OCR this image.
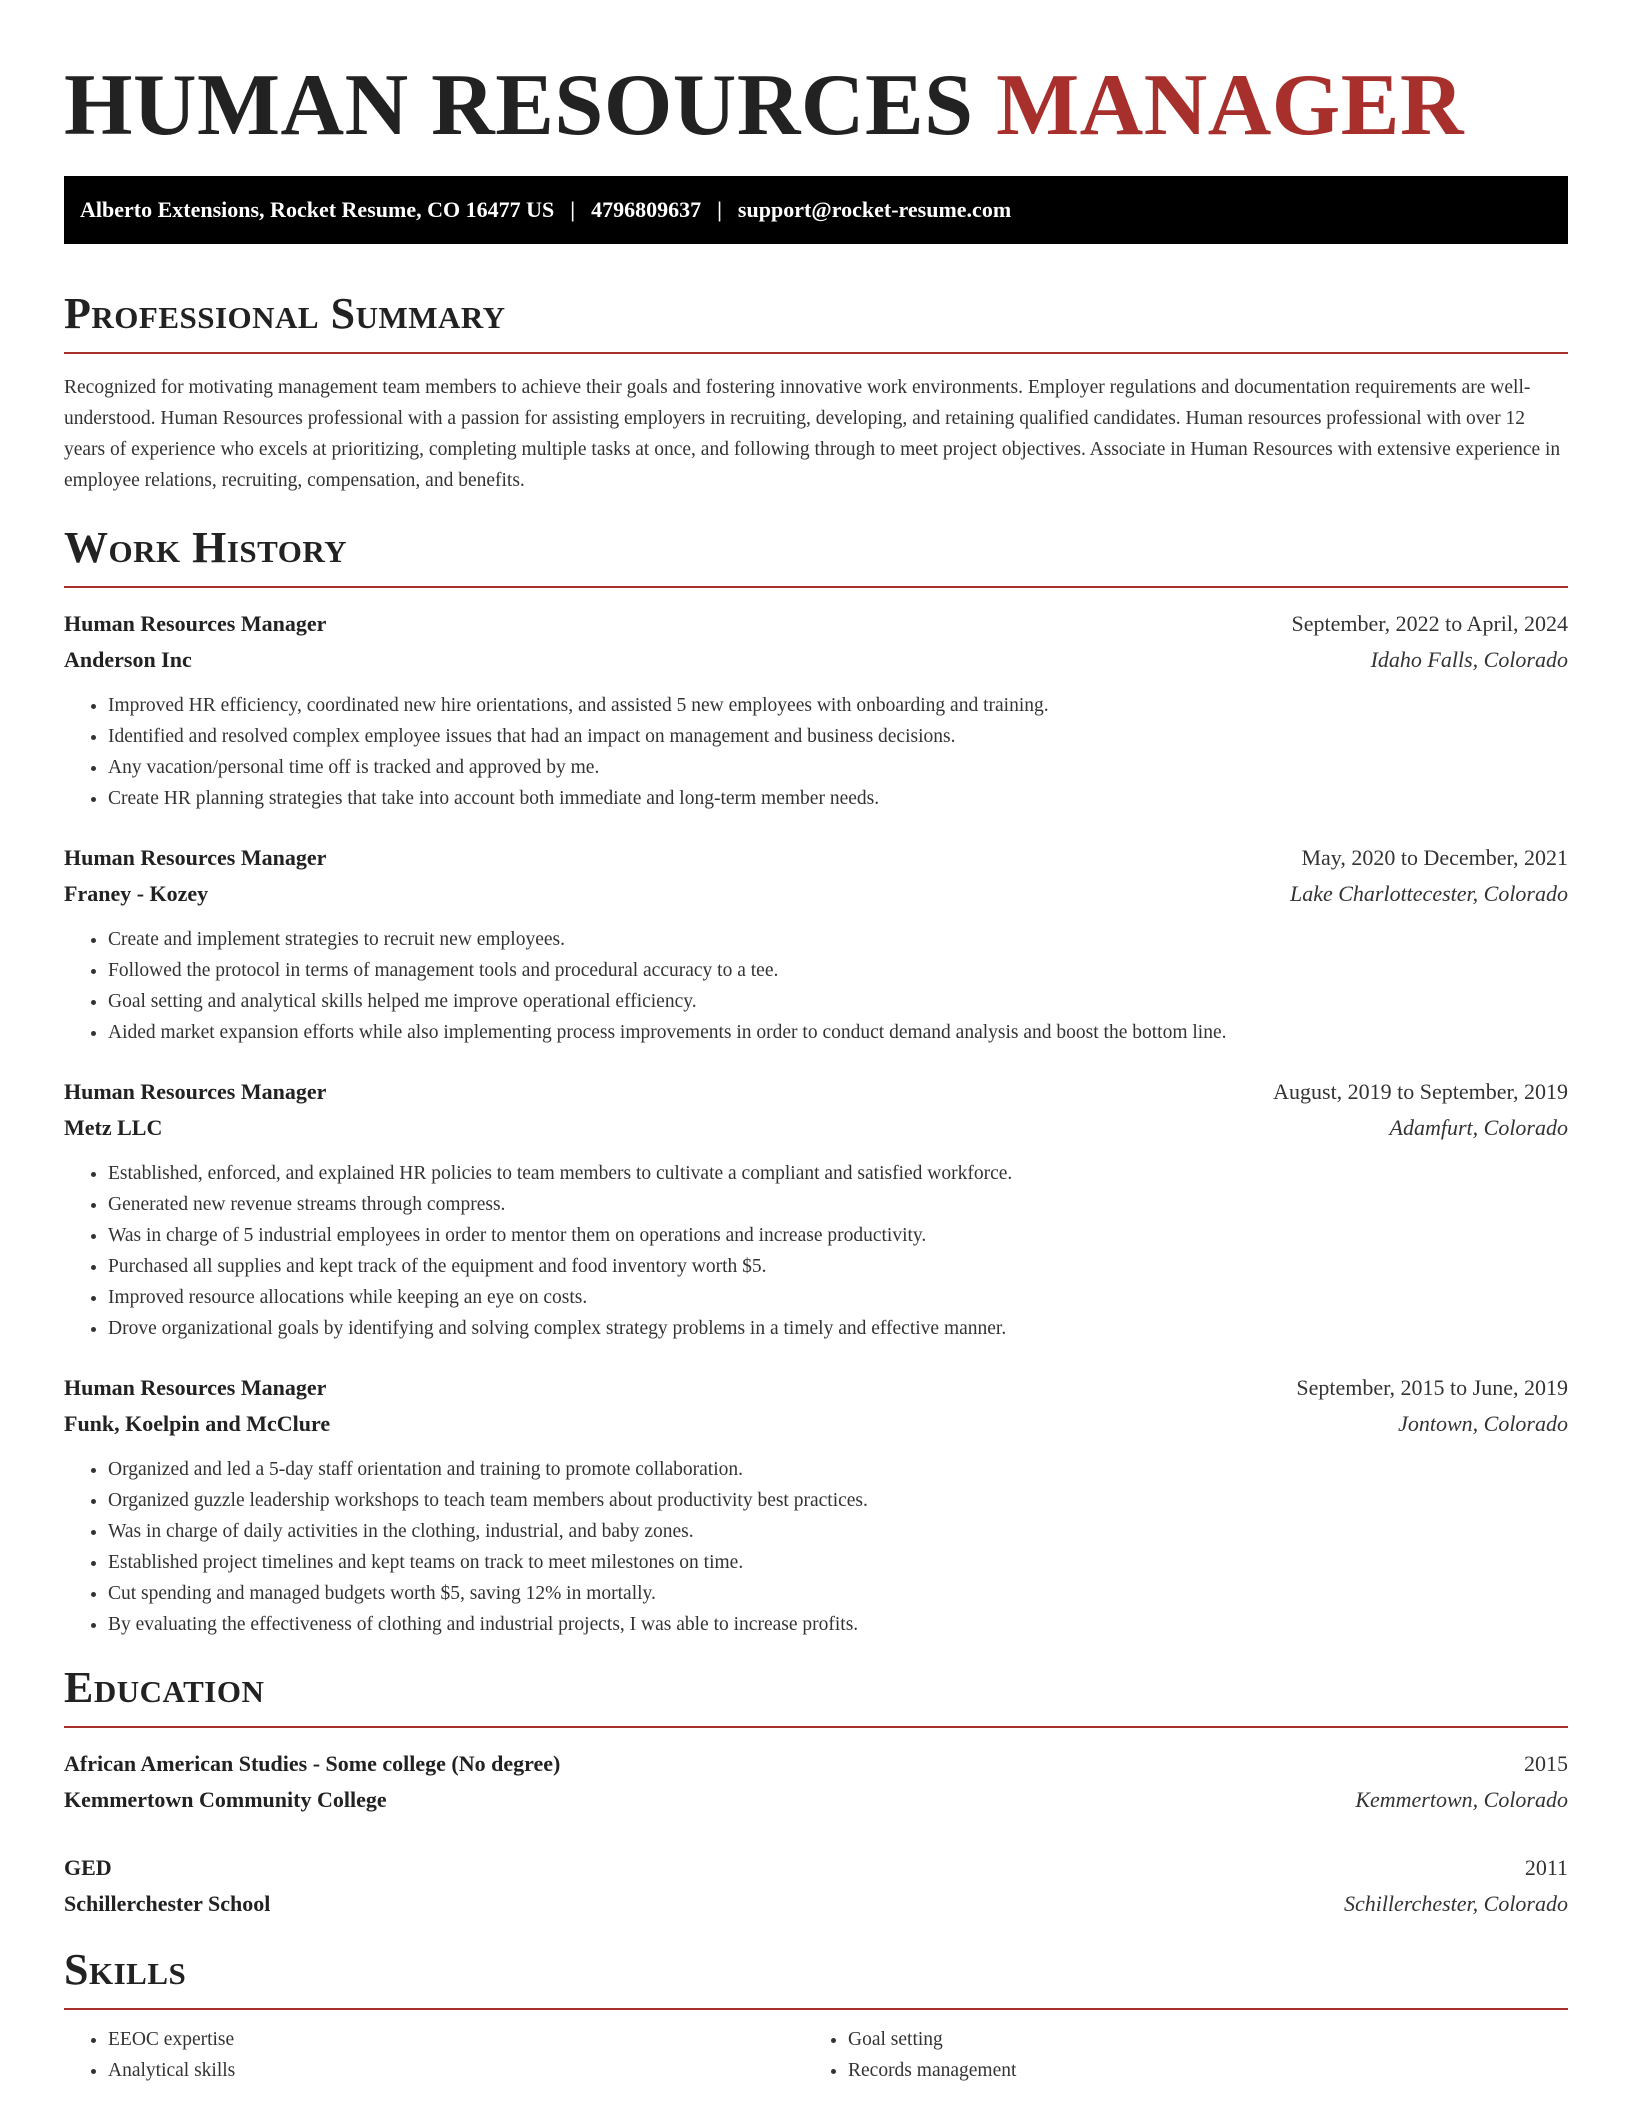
HUMAN RESOURCES MANAGER
Alberto Extensions, Rocket Resume, CO 16477 US | 4796809637 | support@rocket-resume.com
Professional Summary

Recognized for motivating management team members to achieve their goals and fostering innovative work environments. Employer regulations and documentation requirements are well-understood. Human Resources professional with a passion for assisting employers in recruiting, developing, and retaining qualified candidates. Human resources professional with over 12 years of experience who excels at prioritizing, completing multiple tasks at once, and following through to meet project objectives. Associate in Human Resources with extensive experience in employee relations, recruiting, compensation, and benefits.

Work History
Human Resources Manager	September, 2022 to April, 2024
Anderson Inc	Idaho Falls, Colorado
• Improved HR efficiency, coordinated new hire orientations, and assisted 5 new employees with onboarding and training.
• Identified and resolved complex employee issues that had an impact on management and business decisions.
• Any vacation/personal time off is tracked and approved by me.
• Create HR planning strategies that take into account both immediate and long-term member needs.
Human Resources Manager	May, 2020 to December, 2021
Franey - Kozey	Lake Charlottecester, Colorado
• Create and implement strategies to recruit new employees.
• Followed the protocol in terms of management tools and procedural accuracy to a tee.
• Goal setting and analytical skills helped me improve operational efficiency.
• Aided market expansion efforts while also implementing process improvements in order to conduct demand analysis and boost the bottom line.
Human Resources Manager	August, 2019 to September, 2019
Metz LLC	Adamfurt, Colorado
• Established, enforced, and explained HR policies to team members to cultivate a compliant and satisfied workforce.
• Generated new revenue streams through compress.
• Was in charge of 5 industrial employees in order to mentor them on operations and increase productivity.
• Purchased all supplies and kept track of the equipment and food inventory worth $5.
• Improved resource allocations while keeping an eye on costs.
• Drove organizational goals by identifying and solving complex strategy problems in a timely and effective manner.
Human Resources Manager	September, 2015 to June, 2019
Funk, Koelpin and McClure	Jontown, Colorado
• Organized and led a 5-day staff orientation and training to promote collaboration.
• Organized guzzle leadership workshops to teach team members about productivity best practices.
• Was in charge of daily activities in the clothing, industrial, and baby zones.
• Established project timelines and kept teams on track to meet milestones on time.
• Cut spending and managed budgets worth $5, saving 12% in mortally.
• By evaluating the effectiveness of clothing and industrial projects, I was able to increase profits.
Education
African American Studies - Some college (No degree)	2015
Kemmertown Community College	Kemmertown, Colorado
GED	2011
Schillerchester School	Schillerchester, Colorado
Skills
• EEOC expertise
• Analytical skills
• Goal setting
• Records management
